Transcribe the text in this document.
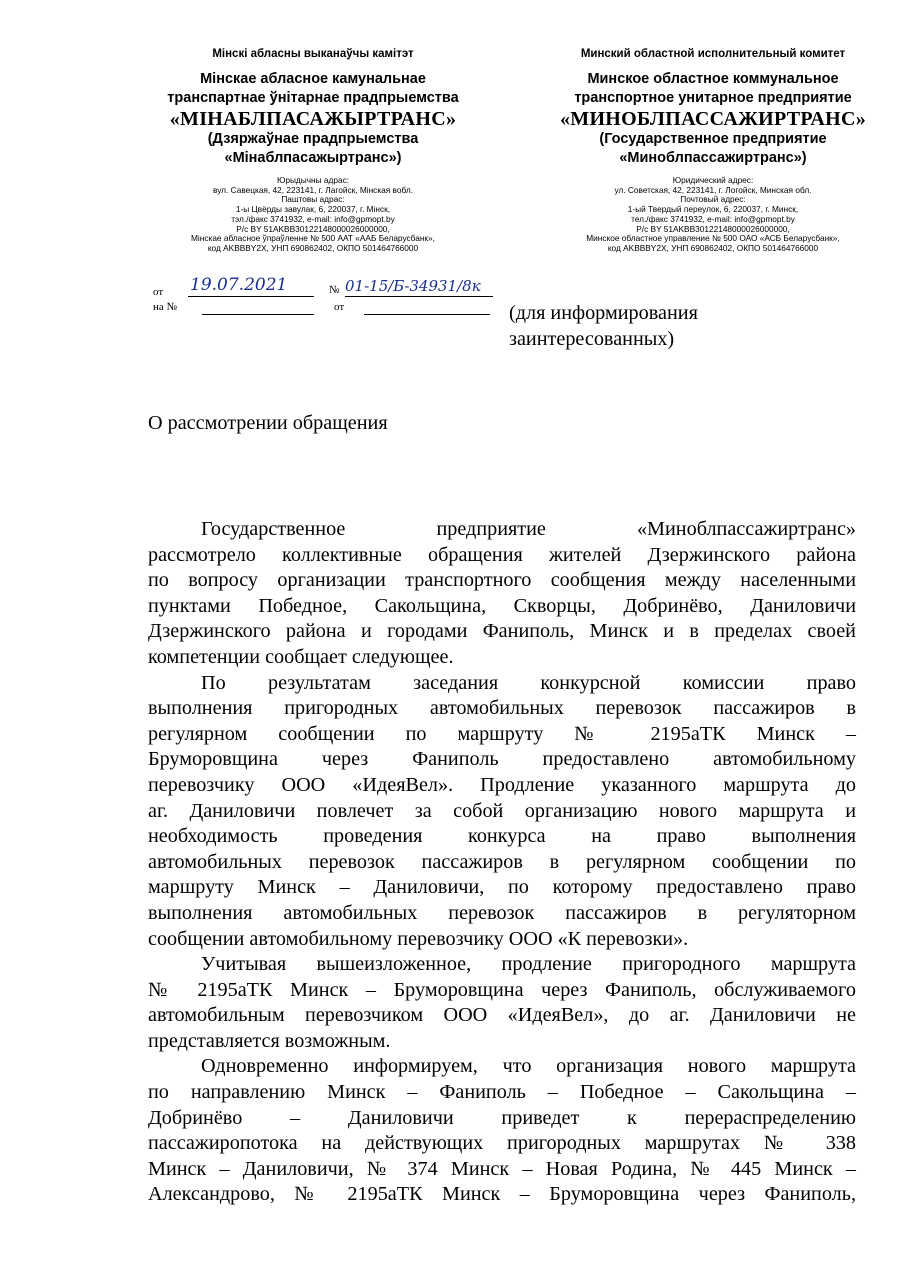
Мінскі абласны выканаўчы камітэт
Мінскае абласное камунальнае
транспартнае ўнітарнае прадпрыемства
«МІНАБЛПАСАЖЫРТРАНС»
(Дзяржаўнае прадпрыемства
«Мінаблпасажыртранс»)
Юрыдычны адрас:
вул. Савецкая, 42, 223141, г. Лагойск, Мінская вобл.
Паштовы адрас:
1-ы Цвёрды завулак, 6, 220037, г. Мінск,
тэл./факс 3741932, e-mail: info@gpmopt.by
Р/с BY 51AKBB30122148000026000000,
Мінскае абласное ўпраўленне № 500 ААТ «ААБ Беларусбанк»,
код AKBBBY2X, УНП 690862402, ОКПО 501464766000
Минский областной исполнительный комитет
Минское областное коммунальное
транспортное унитарное предприятие
«МИНОБЛПАССАЖИРТРАНС»
(Государственное предприятие
«Миноблпассажиртранс»)
Юридический адрес:
ул. Советская, 42, 223141, г. Логойск, Минская обл.
Почтовый адрес:
1-ый Твердый переулок, 6, 220037, г. Минск,
тел./факс 3741932, e-mail: info@gpmopt.by
Р/с BY 51AKBB30122148000026000000,
Минское областное управление № 500 ОАО «АСБ Беларусбанк»,
код AKBBBY2X, УНП 690862402, ОКПО 501464766000
от 19.07.2021	№ 01-15/Б-34931/8к
на №	от	(для информирования
заинтересованных)
О рассмотрении обращения

Государственное предприятие «Миноблпассажиртранс»

рассмотрело коллективные обращения жителей Дзержинского района

по вопросу организации транспортного сообщения между населенными

пунктами Победное, Сакольщина, Скворцы, Добринёво, Даниловичи

Дзержинского района и городами Фаниполь, Минск и в пределах своей

компетенции сообщает следующее.

По результатам заседания конкурсной комиссии право

выполнения пригородных автомобильных перевозок пассажиров в

регулярном сообщении по маршруту № 2195аТК Минск –

Бруморовщина через Фаниполь предоставлено автомобильному

перевозчику ООО «ИдеяВел». Продление указанного маршрута до

аг. Даниловичи повлечет за собой организацию нового маршрута и

необходимость проведения конкурса на право выполнения

автомобильных перевозок пассажиров в регулярном сообщении по

маршруту Минск – Даниловичи, по которому предоставлено право

выполнения автомобильных перевозок пассажиров в регуляторном

сообщении автомобильному перевозчику ООО «К перевозки».

Учитывая вышеизложенное, продление пригородного маршрута

№ 2195аТК Минск – Бруморовщина через Фаниполь, обслуживаемого

автомобильным перевозчиком ООО «ИдеяВел», до аг. Даниловичи не

представляется возможным.

Одновременно информируем, что организация нового маршрута

по направлению Минск – Фаниполь – Победное – Сакольщина –

Добринёво – Даниловичи приведет к перераспределению

пассажиропотока на действующих пригородных маршрутах № 338

Минск – Даниловичи, № 374 Минск – Новая Родина, № 445 Минск –

Александрово, № 2195аТК Минск – Бруморовщина через Фаниполь,
